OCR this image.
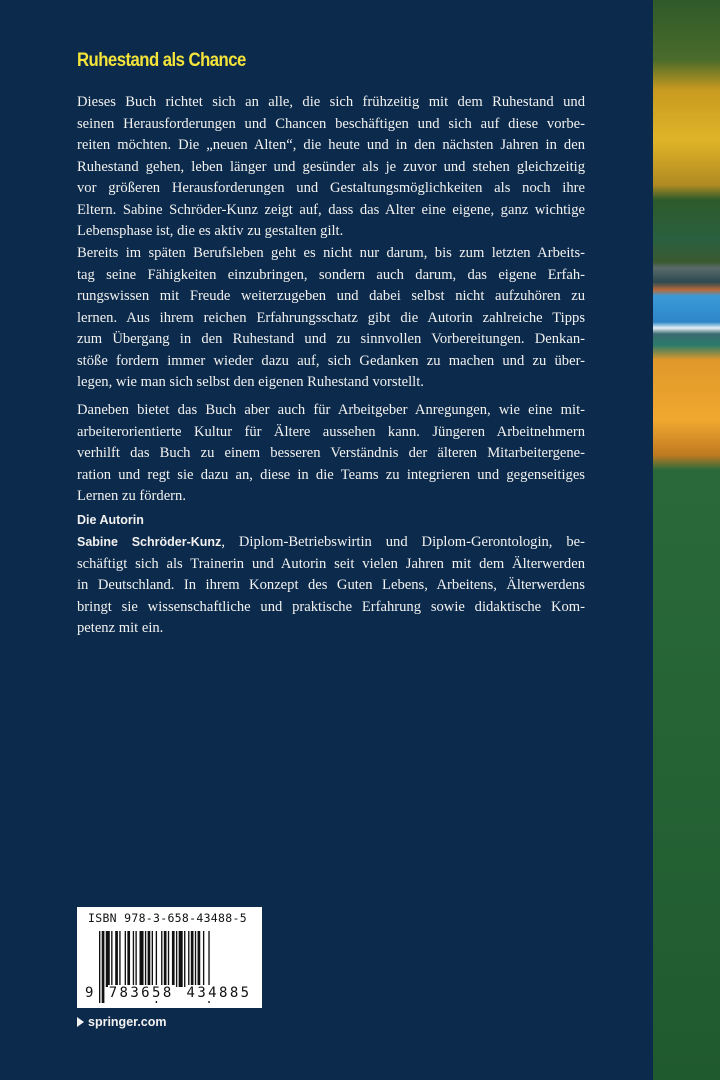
Ruhestand als Chance
Dieses Buch richtet sich an alle, die sich frühzeitig mit dem Ruhestand und
seinen Herausforderungen und Chancen beschäftigen und sich auf diese vorbe-
reiten möchten. Die „neuen Alten“, die heute und in den nächsten Jahren in den
Ruhestand gehen, leben länger und gesünder als je zuvor und stehen gleichzeitig
vor größeren Herausforderungen und Gestaltungsmöglichkeiten als noch ihre
Eltern. Sabine Schröder-Kunz zeigt auf, dass das Alter eine eigene, ganz wichtige
Lebensphase ist, die es aktiv zu gestalten gilt.
Bereits im späten Berufsleben geht es nicht nur darum, bis zum letzten Arbeits-
tag seine Fähigkeiten einzubringen, sondern auch darum, das eigene Erfah-
rungswissen mit Freude weiterzugeben und dabei selbst nicht aufzuhören zu
lernen. Aus ihrem reichen Erfahrungsschatz gibt die Autorin zahlreiche Tipps
zum Übergang in den Ruhestand und zu sinnvollen Vorbereitungen. Denkan-
stöße fordern immer wieder dazu auf, sich Gedanken zu machen und zu über-
legen, wie man sich selbst den eigenen Ruhestand vorstellt.
Daneben bietet das Buch aber auch für Arbeitgeber Anregungen, wie eine mit-
arbeiterorientierte Kultur für Ältere aussehen kann. Jüngeren Arbeitnehmern
verhilft das Buch zu einem besseren Verständnis der älteren Mitarbeitergene-
ration und regt sie dazu an, diese in die Teams zu integrieren und gegenseitiges
Lernen zu fördern.
Die Autorin
Sabine Schröder-Kunz, Diplom-Betriebswirtin und Diplom-Gerontologin, be-
schäftigt sich als Trainerin und Autorin seit vielen Jahren mit dem Älterwerden
in Deutschland. In ihrem Konzept des Guten Lebens, Arbeitens, Älterwerdens
bringt sie wissenschaftliche und praktische Erfahrung sowie didaktische Kom-
petenz mit ein.
ISBN 978-3-658-43488-5
9 783658 434885
springer.com
